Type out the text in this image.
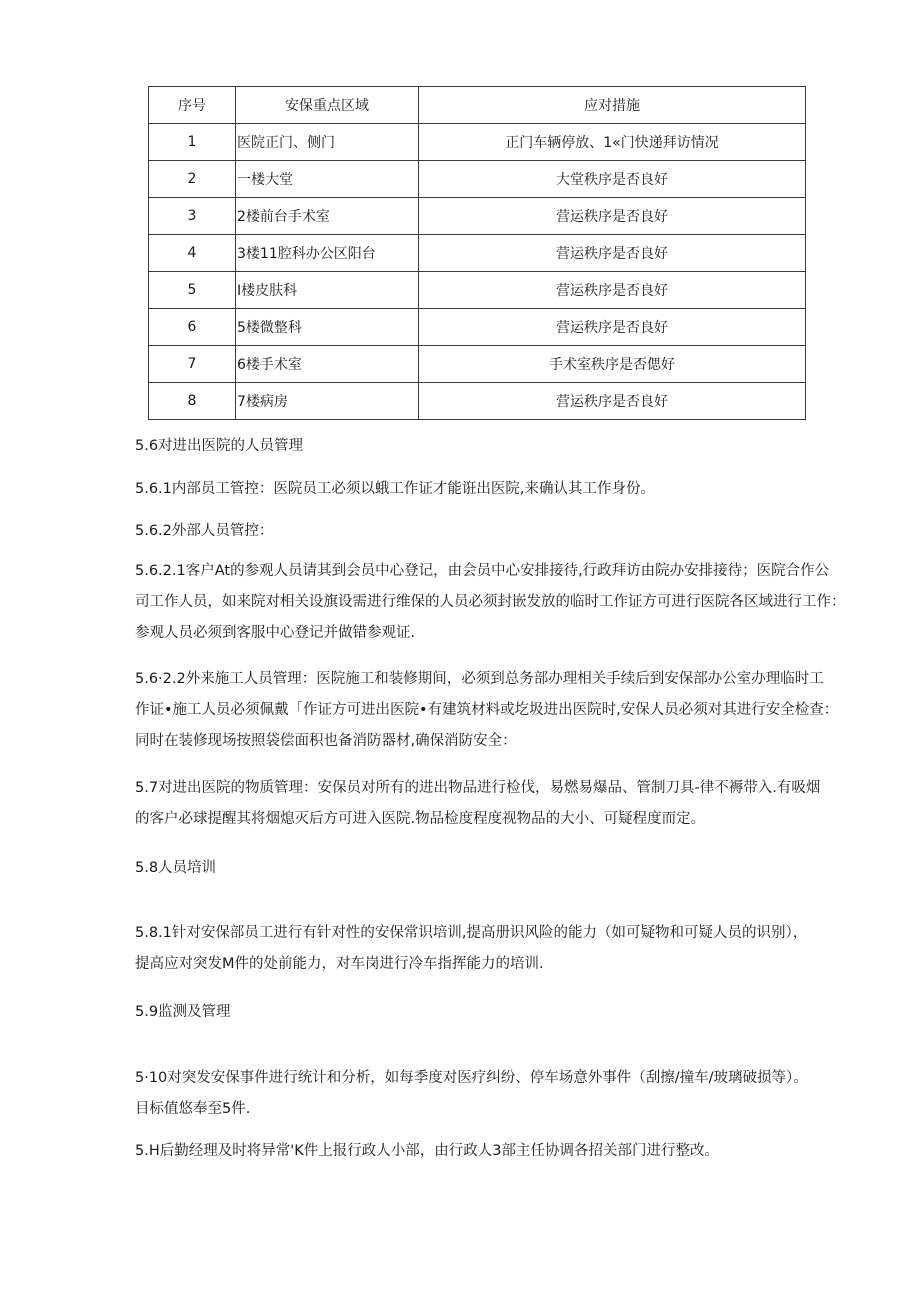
序号	安保重点区域	应对措施
1	医院正门、侧门	正门车辆停放、1«门快递拜访情况
2	一楼大堂	大堂秩序是否良好
3	2楼前台手术室	营运秩序是否良好
4	3楼11腔科办公区阳台	营运秩序是否良好
5	I楼皮肤科	营运秩序是否良好
6	5楼微整科	营运秩序是否良好
7	6楼手术室	手术室秩序是否偲好
8	7楼病房	营运秩序是否良好
5.6对进出医院的人员管理
5.6.1内部员工管控：医院员工必须以蛾工作证才能诳出医院,来确认其工作身份。
5.6.2外部人员管控：
5.6.2.1客户At的参观人员请其到会员中心登记，由会员中心安排接待,行政拜访由院办安排接待；医院合作公
司工作人员，如来院对相关设旗设需进行维保的人员必须封嵌发放的临时工作证方可进行医院各区域进行工作：
参观人员必须到客服中心登记并做错参观证.
5.6·2.2外来施工人员管理：医院施工和装修期间，必须到总务部办理相关手续后到安保部办公室办理临时工
作证•施工人员必须佩戴「作证方可进出医院•有建筑材料或圪圾进出医院时,安保人员必须对其进行安全检查：
同时在装修现场按照袋偿面积也备消防器材,确保消防安全：
5.7对进出医院的物质管理：安保员对所有的进出物品进行检伐，易燃易爆品、管制刀具-律不褥带入.有吸烟
的客户必球提醒其将烟熄灭后方可进入医院.物品检度程度视物品的大小、可疑程度而定。
5.8人员培训
5.8.1针对安保部员工进行有针对性的安保常识培训,提高册识风险的能力（如可疑物和可疑人员的识别），
提高应对突发M件的处前能力，对车岗进行冷车指挥能力的培训.
5.9监测及管理
5·10对突发安保事件进行统计和分析，如每季度对医疗纠纷、停车场意外事件（刮擦/撞车/玻璃破损等）。
目标值悠奉至5件.
5.H后勤经理及时将异常'K件上报行政人小部，由行政人3部主任协调各招关部门进行整改。
